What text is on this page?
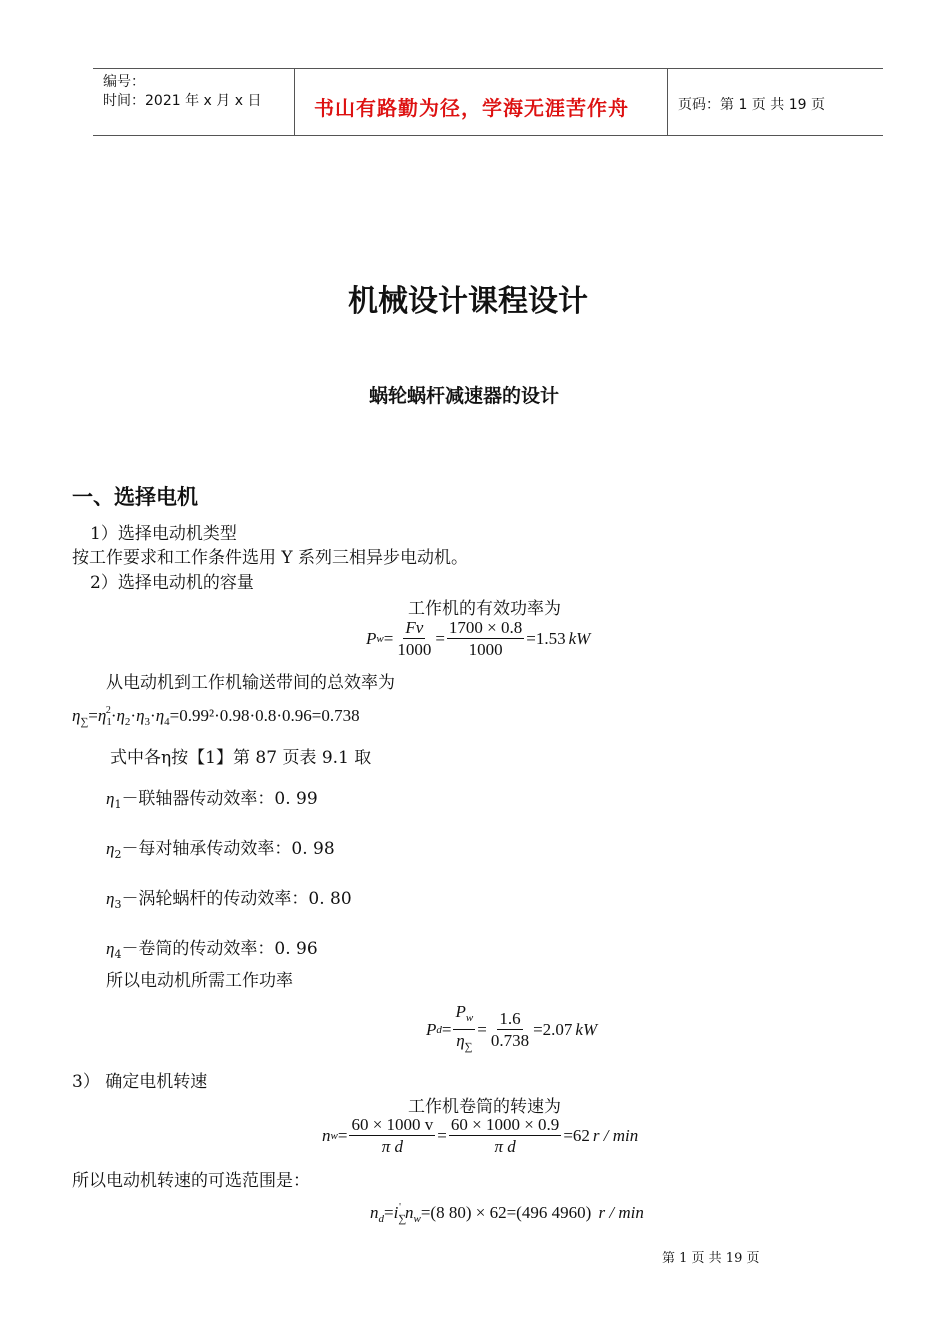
编号：
时间：2021 年 x 月 x 日	书山有路勤为径，学海无涯苦作舟	页码：第 1 页 共 19 页
机械设计课程设计
蜗轮蜗杆减速器的设计
一、选择电机
1）选择电动机类型
按工作要求和工作条件选用 Y 系列三相异步电动机。
2）选择电动机的容量
工作机的有效功率为
P $w = \frac{Fv}{1000} = \frac{1700 \times 0.8}{1000} = 1.53$ kW
从电动机到工作机输送带间的总效率为
$\eta_\sum=\eta_1^2\cdot\eta_2\cdot\eta_3\cdot\eta_4=0.99^2\cdot 0.98\cdot 0.8\cdot 0.96=0.738$
式中各η按【1】第 87 页表 9.1 取
$\eta_1-$联轴器传动效率：0. 99
$\eta_2-$每对轴承传动效率：0. 98
$\eta_3-$涡轮蜗杆的传动效率：0. 80
$\eta_4-$卷筒的传动效率：0. 96
所以电动机所需工作功率
P $d = \frac{P_w}{\eta_\sum} = \frac{1.6}{0.738} = 2.07$ kW
3） 确定电机转速
工作机卷筒的转速为
n $w = \frac{60 \times 1000 v}{\text{π d}} = \frac{60 \times 1000 \times 0.9}{\text{π d}} = 62$ r / min
所以电动机转速的可选范围是：
$n_d=i_\sum'$ $n_w=(8$ 80) × 62=(496 4960) r / min
第 1 页 共 19 页
